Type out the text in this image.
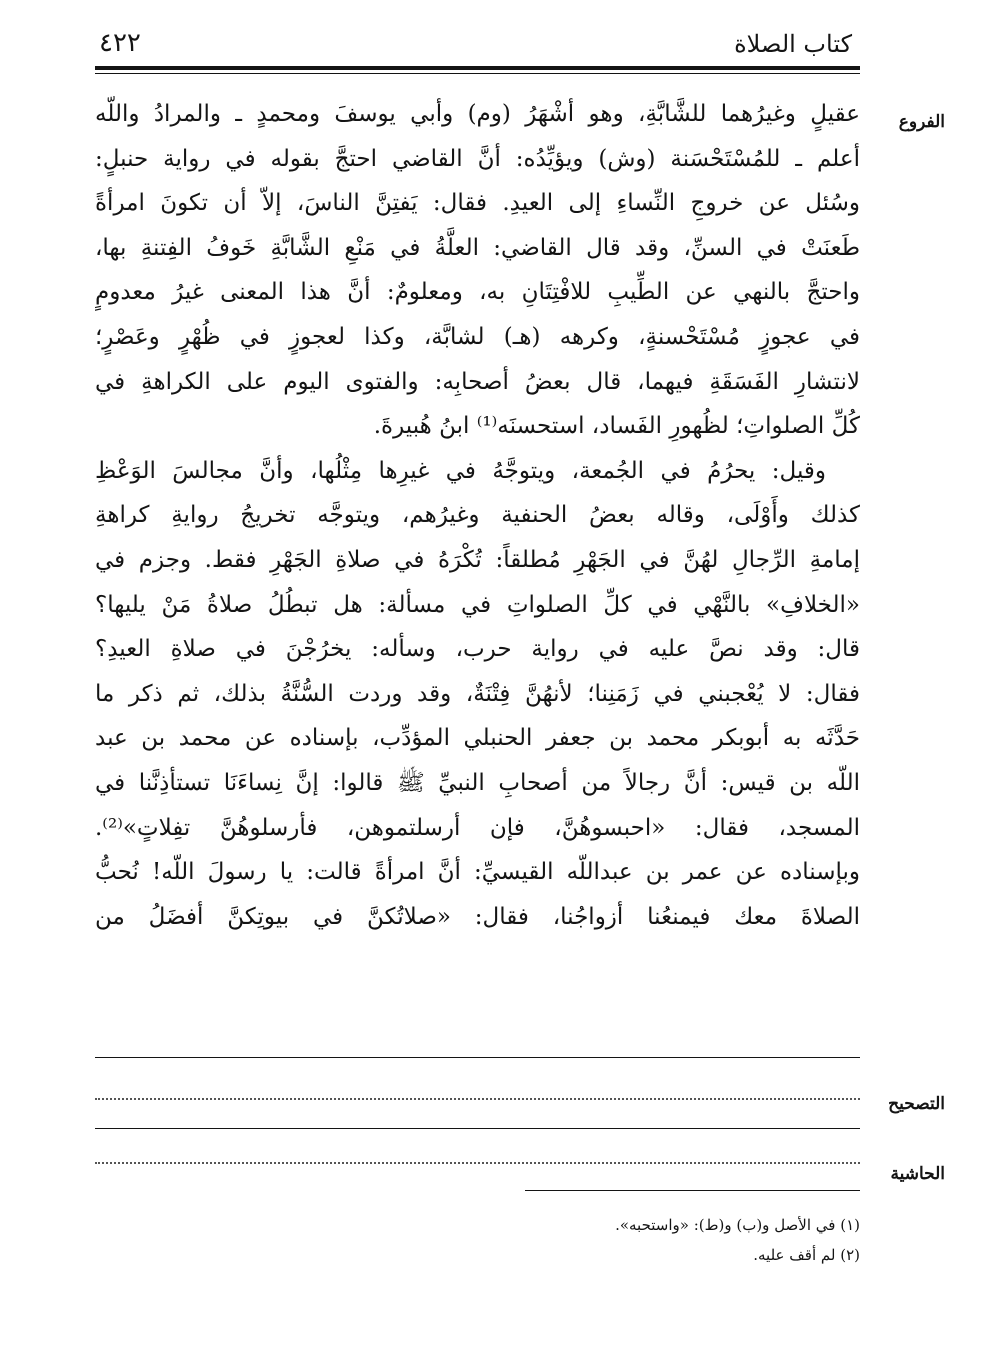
كتاب الصلاة
٤٢٢
الفروع
عقيلٍ وغيرُهما للشَّابَّةِ، وهو أشْهَرُ (وم) وأبي يوسفَ ومحمدٍ ـ والمرادُ واللّه
أعلم ـ للمُسْتَحْسَنة (وش) ويؤيِّدُه: أنَّ القاضي احتجَّ بقوله في رواية حنبلٍ:
وسُئل عن خروجِ النِّساءِ إلى العيدِ. فقال: يَفتِنَّ الناسَ، إلاّ أن تكونَ امرأةً
طَعنَتْ في السنِّ، وقد قال القاضي: العلَّةُ في مَنْعِ الشَّابَّةِ خَوفُ الفِتنةِ بها،
واحتجَّ بالنهي عن الطِّيبِ للافْتِتَانِ به، ومعلومٌ: أنَّ هذا المعنى غيرُ معدومٍ
في عجوزٍ مُسْتَحْسنةٍ، وكرهه (هـ) لشابَّة، وكذا لعجوزٍ في ظُهْرٍ وعَصْرٍ؛
لانتشارِ الفَسَقَةِ فيهما، قال بعضُ أصحابِه: والفتوى اليوم على الكراهةِ في
كُلِّ الصلواتِ؛ لظُهورِ الفَساد، استحسنَه⁽¹⁾ ابنُ هُبيرةَ.
وقيل: يحرُمُ في الجُمعة، ويتوجَّهُ في غيرِها مِثْلُها، وأنَّ مجالسَ الوَعْظِ
كذلك وأَوْلَى، وقاله بعضُ الحنفية وغيرُهم، ويتوجَّه تخريجُ روايةِ كراهةِ
إمامةِ الرِّجالِ لهُنَّ في الجَهْرِ مُطلقاً: تُكْرَهُ في صلاةِ الجَهْرِ فقط. وجزم في
«الخلافِ» بالنَّهْي في كلِّ الصلواتِ في مسألة: هل تبطُلُ صلاةُ مَنْ يليها؟
قال: وقد نصَّ عليه في رواية حرب، وسأله: يخرُجْنَ في صلاةِ العيدِ؟
فقال: لا يُعْجبني في زَمَنِنا؛ لأنهُنَّ فِتْنَةٌ، وقد وردت السُّنَّةُ بذلك، ثم ذكر ما
حَدَّثَه به أبوبكر محمد بن جعفر الحنبلي المؤدِّب، بإسناده عن محمد بن عبد
اللّه بن قيس: أنَّ رجالاً من أصحابِ النبيِّ ﷺ قالوا: إنَّ نِساءَنَا تستأذِنَّنا في
المسجد، فقال: «احبسوهُنَّ، فإن أرسلتموهن، فأرسلوهُنَّ تفِلاتٍ»⁽²⁾.
وبإسناده عن عمر بن عبداللّه القيسيِّ: أنَّ امرأةً قالت: يا رسولَ اللّه! نُحبُّ
الصلاةَ معك فيمنعُنا أزواجُنا، فقال: «صلاتُكنَّ في بيوتِكنَّ أفضَلُ من
التصحيح
الحاشية
(١) في الأصل و(ب) و(ط): «واستحبه».
(٢) لم أقف عليه.
